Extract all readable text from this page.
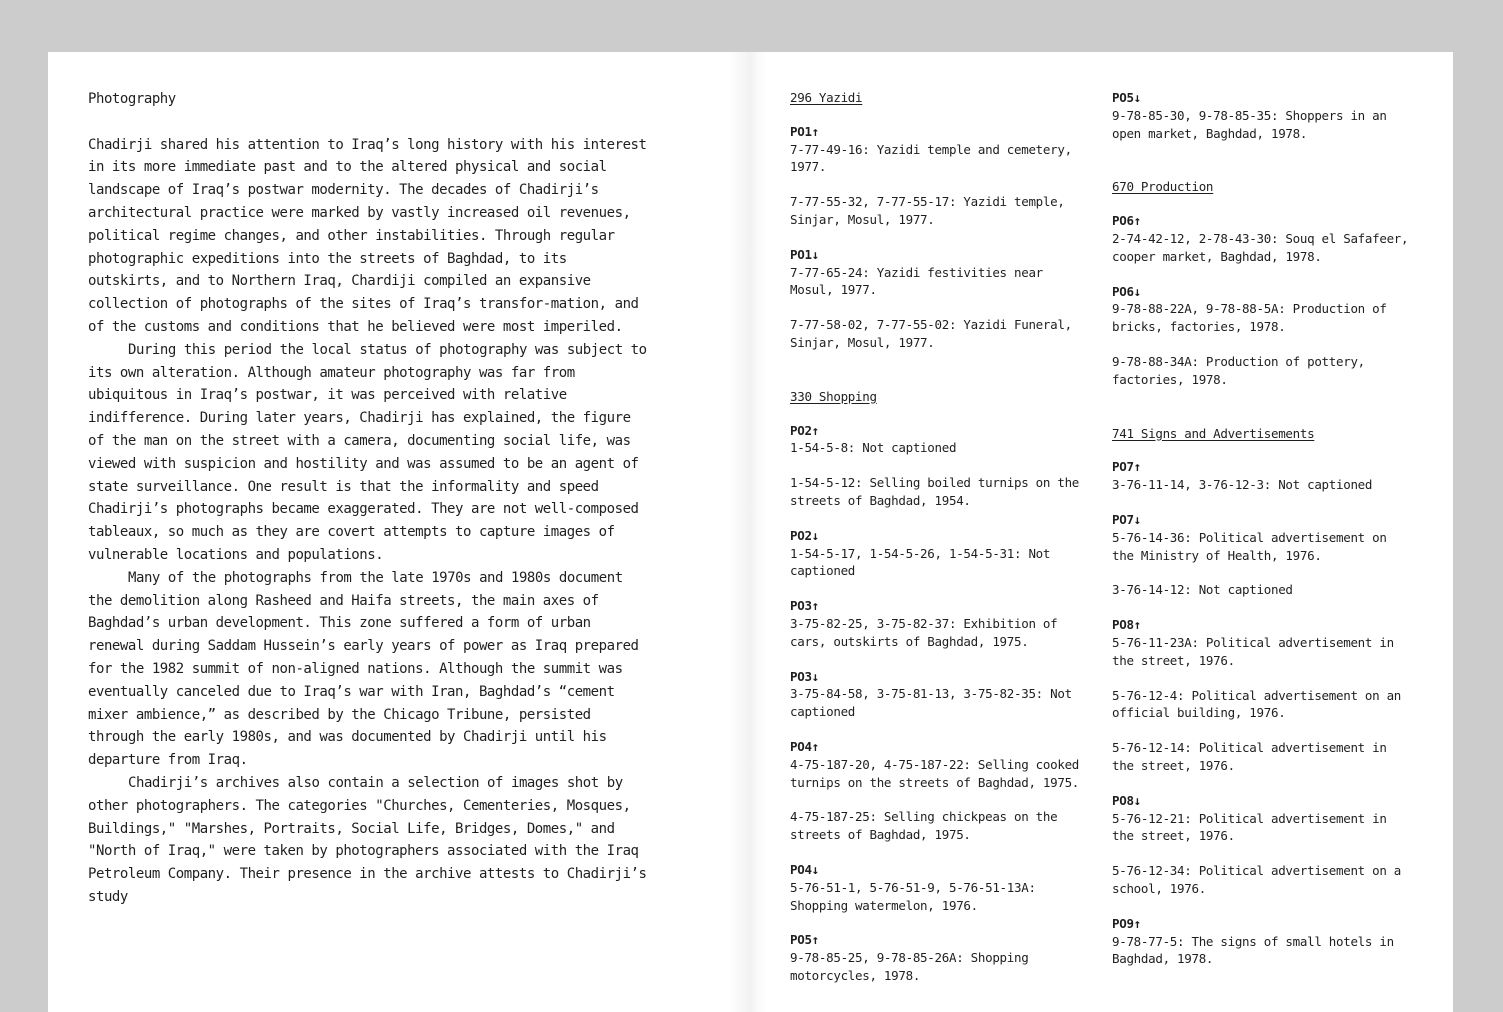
Photography

Chadirji shared his attention to Iraq’s long history with his interest in its more immediate past and to the altered physical and social landscape of Iraq’s postwar modernity. The decades of Chadirji’s architectural practice were marked by vastly increased oil revenues, political regime changes, and other instabilities. Through regular photographic expeditions into the streets of Baghdad, to its outskirts, and to Northern Iraq, Chardiji compiled an expansive collection of photographs of the sites of Iraq’s transfor-mation, and of the customs and conditions that he believed were most imperiled.

During this period the local status of photography was subject to its own alteration. Although amateur photography was far from ubiquitous in Iraq’s postwar, it was perceived with relative indifference. During later years, Chadirji has explained, the figure of the man on the street with a camera, documenting social life, was viewed with suspicion and hostility and was assumed to be an agent of state surveillance. One result is that the informality and speed Chadirji’s photographs became exaggerated. They are not well-composed tableaux, so much as they are covert attempts to capture images of vulnerable locations and populations.

Many of the photographs from the late 1970s and 1980s document the demolition along Rasheed and Haifa streets, the main axes of Baghdad’s urban development. This zone suffered a form of urban renewal during Saddam Hussein’s early years of power as Iraq prepared for the 1982 summit of non-aligned nations. Although the summit was eventually canceled due to Iraq’s war with Iran, Baghdad’s “cement mixer ambience,” as described by the Chicago Tribune, persisted through the early 1980s, and was documented by Chadirji until his departure from Iraq.

Chadirji’s archives also contain a selection of images shot by other photographers. The categories "Churches, Cementeries, Mosques, Buildings," "Marshes, Portraits, Social Life, Bridges, Domes," and "North of Iraq," were taken by photographers associated with the Iraq Petroleum Company. Their presence in the archive attests to Chadirji’s study

296 Yazidi
PO1↑

7-77-49-16: Yazidi temple and cemetery, 1977.

7-77-55-32, 7-77-55-17: Yazidi temple, Sinjar, Mosul, 1977.

PO1↓

7-77-65-24: Yazidi festivities near Mosul, 1977.

7-77-58-02, 7-77-55-02: Yazidi Funeral, Sinjar, Mosul, 1977.

330 Shopping
PO2↑

1-54-5-8: Not captioned

1-54-5-12: Selling boiled turnips on the streets of Baghdad, 1954.

PO2↓

1-54-5-17, 1-54-5-26, 1-54-5-31: Not captioned

PO3↑

3-75-82-25, 3-75-82-37: Exhibition of cars, outskirts of Baghdad, 1975.

PO3↓

3-75-84-58, 3-75-81-13, 3-75-82-35: Not captioned

PO4↑

4-75-187-20, 4-75-187-22: Selling cooked turnips on the streets of Baghdad, 1975.

4-75-187-25: Selling chickpeas on the streets of Baghdad, 1975.

PO4↓

5-76-51-1, 5-76-51-9, 5-76-51-13A: Shopping watermelon, 1976.

PO5↑

9-78-85-25, 9-78-85-26A: Shopping motorcycles, 1978.

PO5↓

9-78-85-30, 9-78-85-35: Shoppers in an open market, Baghdad, 1978.

670 Production
PO6↑

2-74-42-12, 2-78-43-30: Souq el Safafeer, cooper market, Baghdad, 1978.

PO6↓

9-78-88-22A, 9-78-88-5A: Production of bricks, factories, 1978.

9-78-88-34A: Production of pottery, factories, 1978.

741 Signs and Advertisements
PO7↑

3-76-11-14, 3-76-12-3: Not captioned

PO7↓

5-76-14-36: Political advertisement on the Ministry of Health, 1976.

3-76-14-12: Not captioned

PO8↑

5-76-11-23A: Political advertisement in the street, 1976.

5-76-12-4: Political advertisement on an official building, 1976.

5-76-12-14: Political advertisement in the street, 1976.

PO8↓

5-76-12-21: Political advertisement in the street, 1976.

5-76-12-34: Political advertisement on a school, 1976.

PO9↑

9-78-77-5: The signs of small hotels in Baghdad, 1978.
